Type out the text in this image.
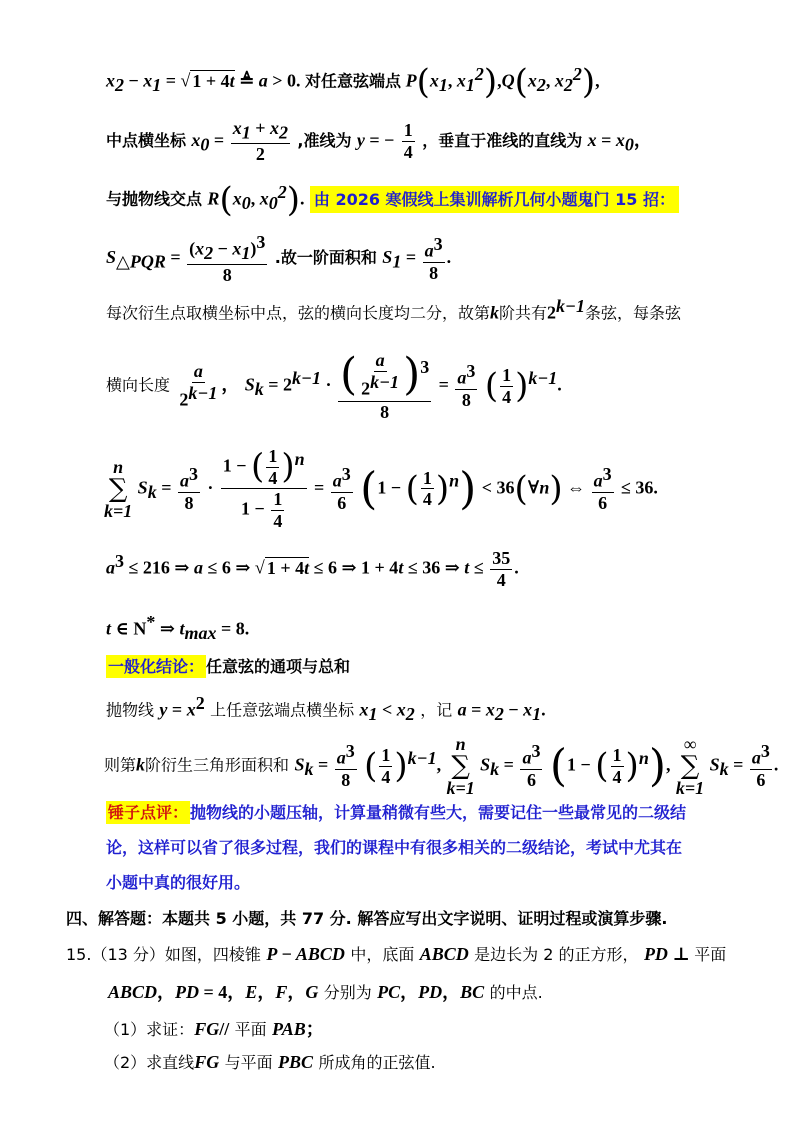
$x_2 - x_1$ = √ 1 + 4t ≜ a > 0. 对任意弦端点 $P(x_1$, $x_1^2),Q(x_2$, $x_2^2$),
中点横坐标 $x_0 = \frac{x_1 + x_2}{2}$ ,准线为 y = − $\frac{1}{4}$ ，垂直于准线的直线为 $x = x_0$，
与抛物线交点 $R(x_0$, $x_0^2$). 由 2026 寒假线上集训解析几何小题鬼门 15 招：
$S_{\triangle PQR} = \frac{(x_2 - x_1)^3}{8}$ .故一阶面积和 $S_1 = \frac{a^3}{8}$ .
每次衍生点取横坐标中点，弦的横向长度均二分，故第k阶共有$2^{k-1}$条弦，每条弦
横向长度 $\frac{a}{2^{k-1}}$ ， $S_k = 2^{k-1} \cdot \frac{( \frac{a}{2^{k-1}} )^3}{8} = \frac{a^3}{8}$ ( $\frac{1}{4} )^{k-1}$.
n
∑
k=1
$S_k = \frac{a^3}{8} \cdot \frac{1 - ( \frac{1}{4} )^n}{1 - \frac{1}{4}} = \frac{a^3}{6} (1$ − ( $\frac{1}{4} )^n$) < 36(∀n) ⇔ $\frac{a^3}{6} \le 36$.
$a^3 \le 216$ ⇒ a ≤ 6 ⇒ √ 1 + 4t ≤ 6 ⇒ 1 + 4t ≤ 36 ⇒ $t \le \frac{35}{4}$ .
t ∈ N* ⇒ $t_{max} = 8$.
一般化结论： 任意弦的通项与总和
抛物线 $y = x^2$ 上任意弦端点横坐标 $x_1 < x_2$ ，记 $a = x_2 - x_1$.
则第k阶衍生三角形面积和 $S_k = \frac{a^3}{8}$ ( $\frac{1}{4} )^{k-1}$,
n
∑
k=1
$S_k = \frac{a^3}{6} (1$ − ( $\frac{1}{4} )^n$),
∞
∑
k=1
$S_k = \frac{a^3}{6}$ .
锤子点评： 抛物线的小题压轴，计算量稍微有些大，需要记住一些最常见的二级结
论，这样可以省了很多过程，我们的课程中有很多相关的二级结论，考试中尤其在
小题中真的很好用。
四、解答题：本题共 5 小题，共 77 分. 解答应写出文字说明、证明过程或演算步骤.
15.（13 分）如图，四棱锥 P − ABCD 中，底面 ABCD 是边长为 2 的正方形， PD ⊥ 平面
ABCD，PD = 4，E，F，G 分别为 PC，PD，BC 的中点.
（1）求证：FG// 平面 PAB；
（2）求直线FG 与平面 PBC 所成角的正弦值.
